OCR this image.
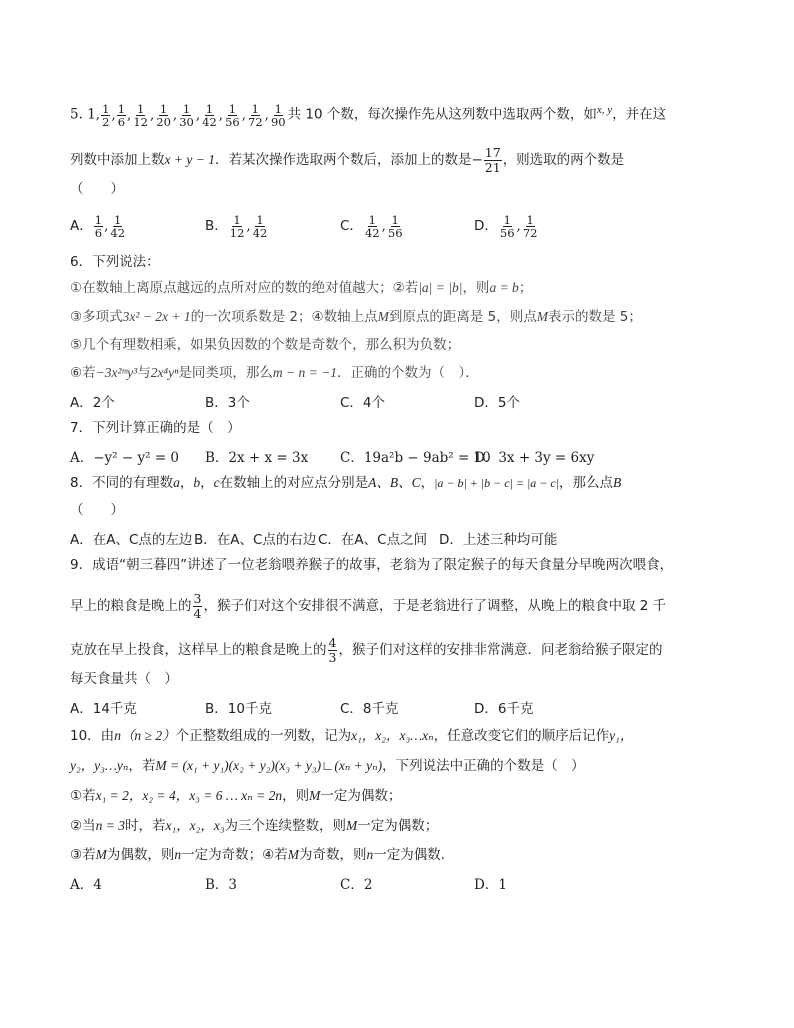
5. 1, $\frac{1}{2}$ , $\frac{1}{6}$ , $\frac{1}{12}$ , $\frac{1}{20}$ , $\frac{1}{30}$ , $\frac{1}{42}$ , $\frac{1}{56}$ , $\frac{1}{72}$ , $\frac{1}{90}$ 共 10 个数，每次操作先从这列数中选取两个数，如$^{x, y}$，并在这
列数中添加上数x + y − 1．若某次操作选取两个数后，添加上的数是− $\frac{17}{21}$ ，则选取的两个数是
（　　）
A． $\frac{1}{6}$ , $\frac{1}{42}$	B． $\frac{1}{12}$ , $\frac{1}{42}$	C． $\frac{1}{42}$ , $\frac{1}{56}$	D． $\frac{1}{56}$ , $\frac{1}{72}$
6．下列说法：
①在数轴上离原点越远的点所对应的数的绝对值越大；②若|a| = |b|，则a = b；
③多项式3x² − 2x + 1的一次项系数是 2；④数轴上点M到原点的距离是 5，则点M表示的数是 5；
⑤几个有理数相乘，如果负因数的个数是奇数个，那么积为负数；
⑥若−3x²ᵐy³与2x⁴yⁿ是同类项，那么m − n = −1．正确的个数为（　）．
A．2个	B．3个	C．4个	D．5个
7．下列计算正确的是（　）
A．−y² − y² = 0 B．2x + x = 3x C．19a²b − 9ab² = 10
D．3x + 3y = 6xy
8．不同的有理数a，b，c在数轴上的对应点分别是A、B、C，|a − b| + |b − c| = |a − c|，那么点B
（　　）
A．在A、C点的左边 B．在A、C点的右边 C．在A、C点之间 D．上述三种均可能
9．成语“朝三暮四”讲述了一位老翁喂养猴子的故事，老翁为了限定猴子的每天食量分早晚两次喂食，
早上的粮食是晚上的 $\frac{3}{4}$ ，猴子们对这个安排很不满意，于是老翁进行了调整，从晚上的粮食中取 2 千
克放在早上投食，这样早上的粮食是晚上的 $\frac{4}{3}$ ，猴子们对这样的安排非常满意．问老翁给猴子限定的
每天食量共（　）
A．14千克	B．10千克	C．8千克	D．6千克
10．由n（n ≥ 2）个正整数组成的一列数，记为x₁，x₂，x₃…xₙ，任意改变它们的顺序后记作y₁，
y₂，y₃…yₙ，若M = (x₁ + y₁)(x₂ + y₂)(x₃ + y₃)∟(xₙ + yₙ)，下列说法中正确的个数是（　）
①若x₁ = 2，x₂ = 4，x₃ = 6 … xₙ = 2n，则M一定为偶数；
②当n = 3时，若x₁，x₂，x₃为三个连续整数，则M一定为偶数；
③若M为偶数，则n一定为奇数；④若M为奇数，则n一定为偶数．
A．4	B．3	C．2	D．1
